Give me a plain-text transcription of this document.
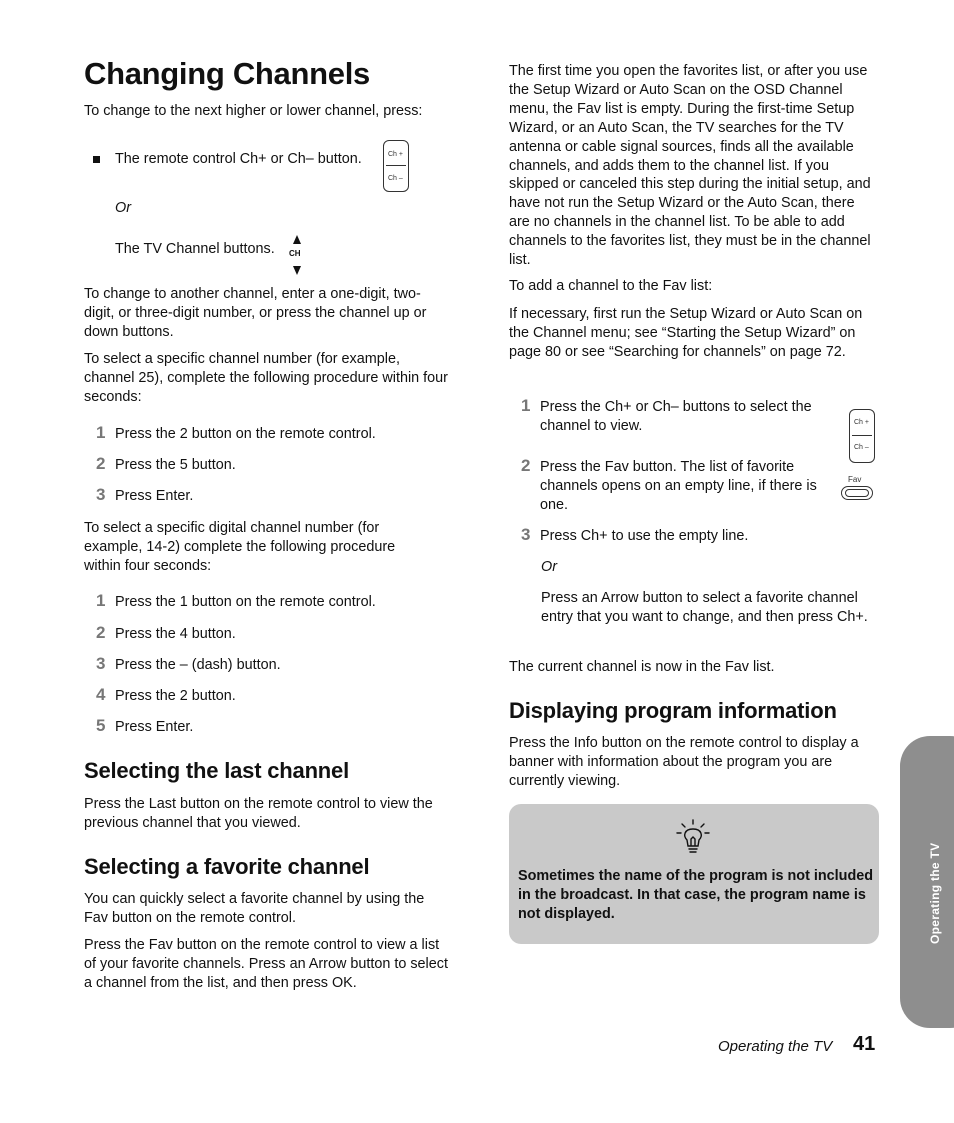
Changing Channels
To change to the next higher or lower channel, press:
The remote control Ch+ or Ch– button.	Ch +
Ch –
Or
The TV Channel buttons. CH
To change to another channel, enter a one-digit, two-digit, or three-digit number, or press the channel up or down buttons.
To select a specific channel number (for example, channel 25), complete the following procedure within four seconds:
1 Press the 2 button on the remote control.
2 Press the 5 button.
3 Press Enter.
To select a specific digital channel number (for example, 14-2) complete the following procedure within four seconds:
1 Press the 1 button on the remote control.
2 Press the 4 button.
3 Press the – (dash) button.
4 Press the 2 button.
5 Press Enter.
Selecting the last channel
Press the Last button on the remote control to view the previous channel that you viewed.
Selecting a favorite channel
You can quickly select a favorite channel by using the Fav button on the remote control.
Press the Fav button on the remote control to view a list of your favorite channels. Press an Arrow button to select a channel from the list, and then press OK.
The first time you open the favorites list, or after you use the Setup Wizard or Auto Scan on the OSD Channel menu, the Fav list is empty. During the first-time Setup Wizard, or an Auto Scan, the TV searches for the TV antenna or cable signal sources, finds all the available channels, and adds them to the channel list. If you skipped or canceled this step during the initial setup, and have not run the Setup Wizard or the Auto Scan, there are no channels in the channel list. To be able to add channels to the favorites list, they must be in the channel list.
To add a channel to the Fav list:
If necessary, first run the Setup Wizard or Auto Scan on the Channel menu; see “Starting the Setup Wizard” on page 80 or see “Searching for channels” on page 72.
1 Press the Ch+ or Ch– buttons to select the channel to view.	Ch +
Ch –
2 Press the Fav button. The list of favorite channels opens on an empty line, if there is one.
Fav
3 Press Ch+ to use the empty line.
Or
Press an Arrow button to select a favorite channel entry that you want to change, and then press Ch+.
The current channel is now in the Fav list.
Displaying program information
Press the Info button on the remote control to display a banner with information about the program you are currently viewing.
Sometimes the name of the program is not included in the broadcast. In that case, the program name is not displayed.	Operating the TV
Operating the TV 41
